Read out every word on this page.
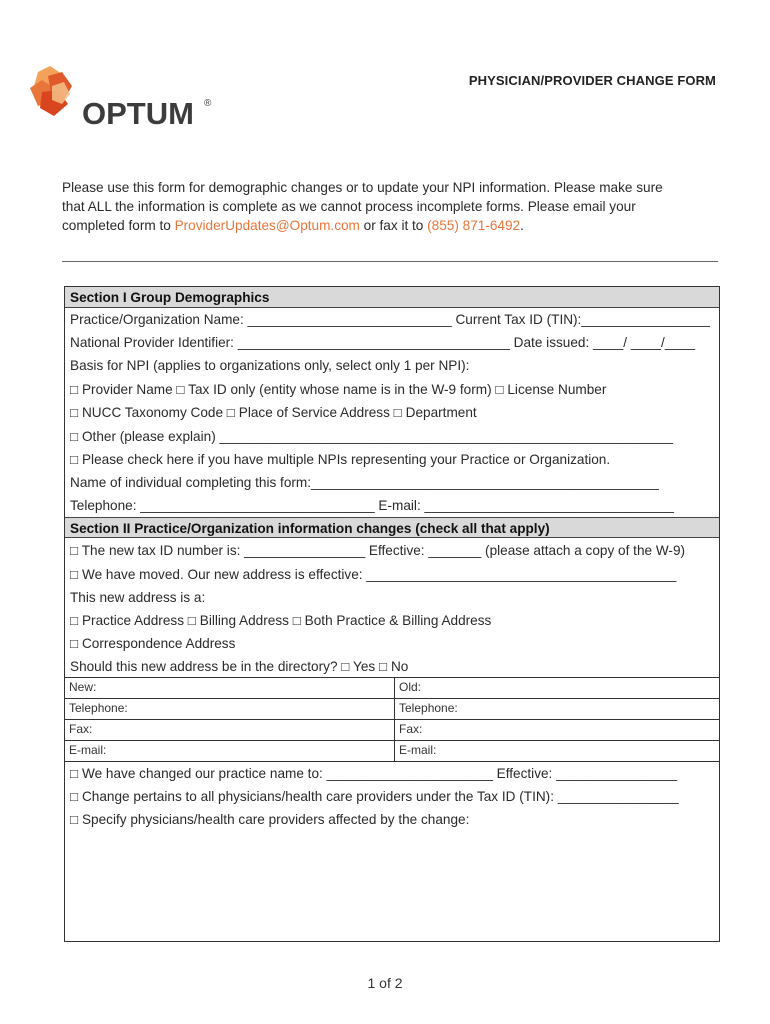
OPTUM ®
PHYSICIAN/PROVIDER CHANGE FORM
Please use this form for demographic changes or to update your NPI information. Please make sure
that ALL the information is complete as we cannot process incomplete forms. Please email your
completed form to ProviderUpdates@Optum.com or fax it to (855) 871-6492.
Section I Group Demographics
Practice/Organization Name: ___________________________ Current Tax ID (TIN):_________________
National Provider Identifier: ____________________________________ Date issued: ____/ ____/____
Basis for NPI (applies to organizations only, select only 1 per NPI):
□ Provider Name □ Tax ID only (entity whose name is in the W-9 form) □ License Number
□ NUCC Taxonomy Code □ Place of Service Address □ Department
□ Other (please explain) ____________________________________________________________
□ Please check here if you have multiple NPIs representing your Practice or Organization.
Name of individual completing this form:______________________________________________
Telephone: _______________________________ E-mail: _________________________________
Section II Practice/Organization information changes (check all that apply)
□ The new tax ID number is: ________________ Effective: _______ (please attach a copy of the W-9)
□ We have moved. Our new address is effective: _________________________________________
This new address is a:
□ Practice Address □ Billing Address □ Both Practice & Billing Address
□ Correspondence Address
Should this new address be in the directory? □ Yes □ No
New:	Old:
Telephone:	Telephone:
Fax:	Fax:
E-mail:	E-mail:
□ We have changed our practice name to: ______________________ Effective: ________________
□ Change pertains to all physicians/health care providers under the Tax ID (TIN): ________________
□ Specify physicians/health care providers affected by the change:
1 of 2
